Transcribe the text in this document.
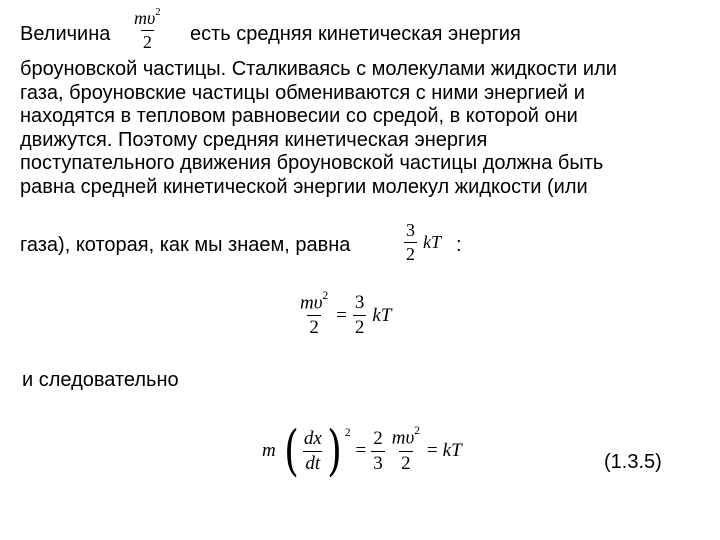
Величина $\frac{m\upsilon^2}{2}$ есть средняя кинетическая энергия
броуновской частицы. Сталкиваясь с молекулами жидкости или
газа, броуновские частицы обмениваются с ними энергией и
находятся в тепловом равновесии со средой, в которой они
движутся. Поэтому средняя кинетическая энергия
поступательного движения броуновской частицы должна быть
равна средней кинетической энергии молекул жидкости (или
газа), которая, как мы знаем, равна	$\frac{3}{2}$ kT :
$\frac{m\upsilon^2}{2} = \frac{3}{2}$ kT
и следовательно
m ( $\frac{dx}{dt}$ ) 2
= $\frac{2}{3} \frac{m\upsilon^2}{2}$ = kT
(1.3.5)
